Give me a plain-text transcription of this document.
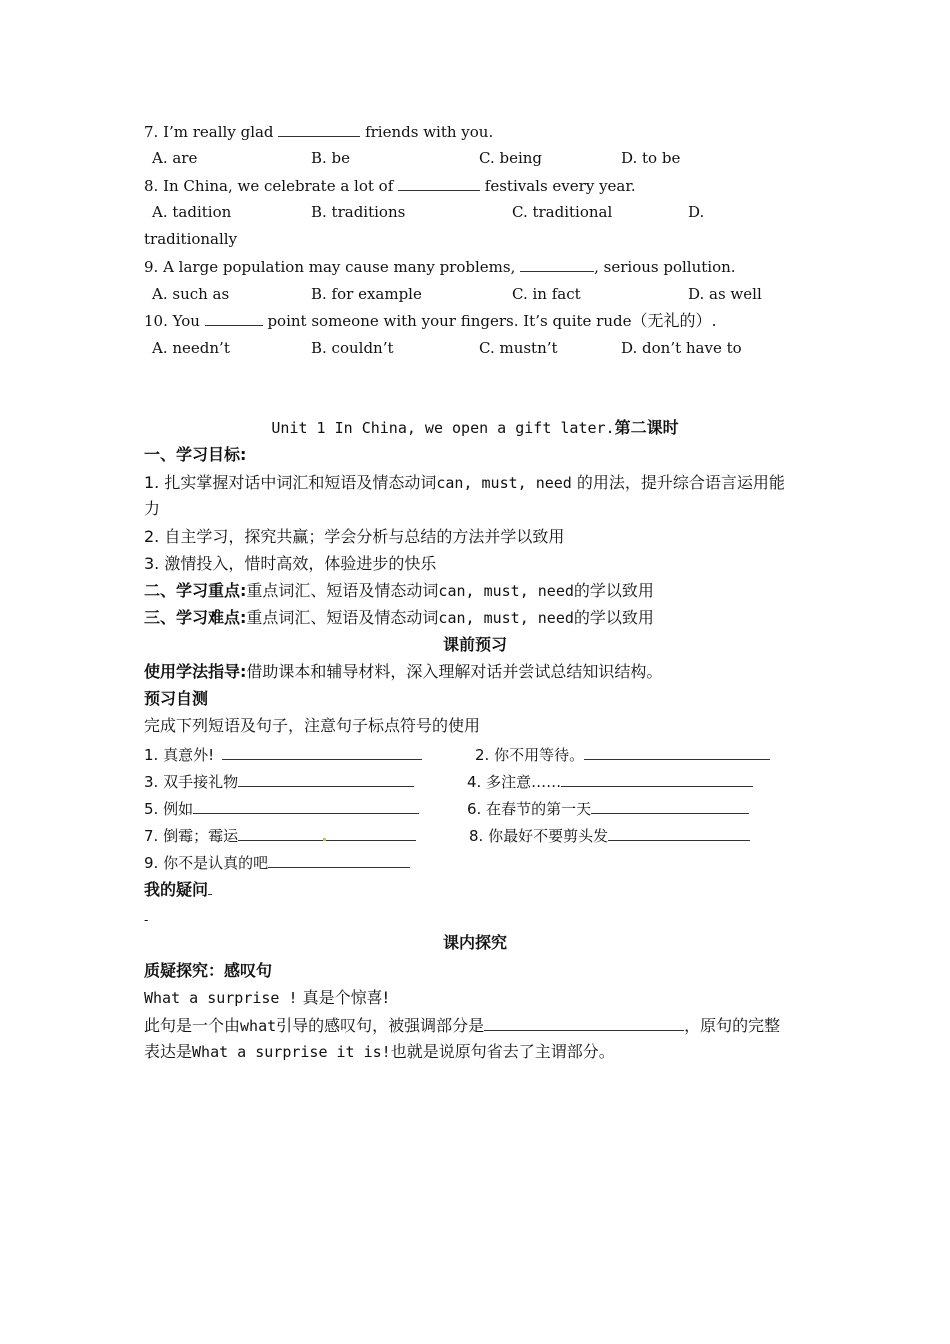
7. I’m really glad	friends with you.
A. are	B. be	C. being	D. to be
8. In China, we celebrate a lot of	festivals every year.
A. tadition	B. traditions	C. traditional	D.
traditionally
9. A large population may cause many problems,	, serious pollution.
A. such as	B. for example	C. in fact	D. as well
10. You	point someone with your fingers. It’s quite rude（无礼的）.
A. needn’t	B. couldn’t	C. mustn’t	D. don’t have to
Unit 1 In China, we open a gift later.第二课时
一、学习目标:
1. 扎实掌握对话中词汇和短语及情态动词can, must, need 的用法，提升综合语言运用能
力
2. 自主学习，探究共赢；学会分析与总结的方法并学以致用
3. 激情投入，惜时高效，体验进步的快乐
二、学习重点:重点词汇、短语及情态动词can, must, need的学以致用
三、学习难点:重点词汇、短语及情态动词can, must, need的学以致用
课前预习
使用学法指导:借助课本和辅导材料，深入理解对话并尝试总结知识结构。
预习自测
完成下列短语及句子，注意句子标点符号的使用
1. 真意外!	2. 你不用等待。
3. 双手接礼物	4. 多注意……
5. 例如	6. 在春节的第一天
7. 倒霉；霉运	8. 你最好不要剪头发
9. 你不是认真的吧
我的疑问
-
课内探究
质疑探究：感叹句
What a surprise ! 真是个惊喜!
此句是一个由what引导的感叹句，被强调部分是	，原句的完整
表达是What a surprise it is!也就是说原句省去了主谓部分。
